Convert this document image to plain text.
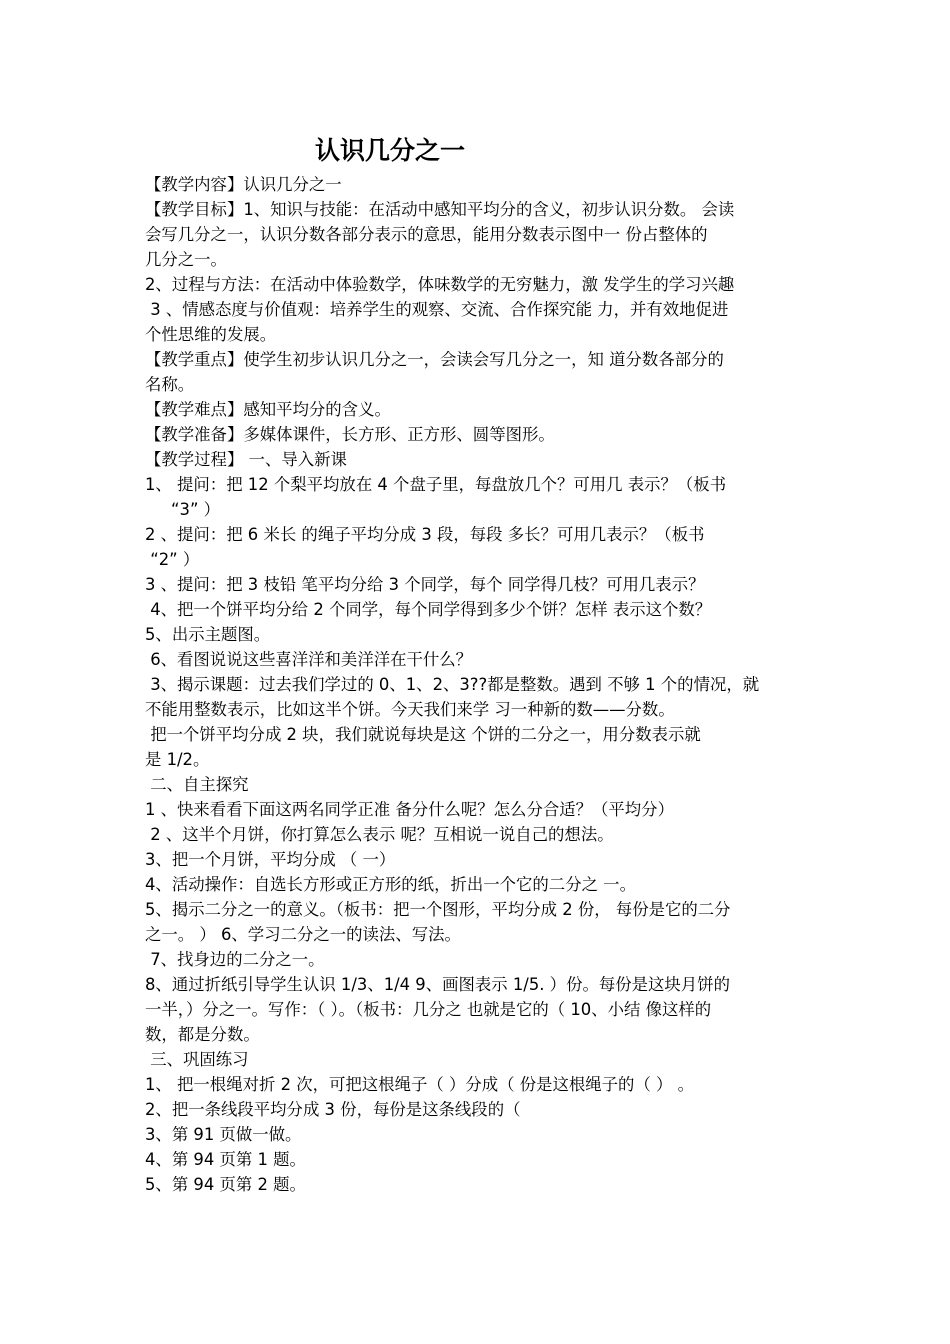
认识几分之一

【教学内容】认识几分之一

【教学目标】1、知识与技能：在活动中感知平均分的含义，初步认识分数。 会读

会写几分之一，认识分数各部分表示的意思，能用分数表示图中一 份占整体的

几分之一。

2、过程与方法：在活动中体验数学，体味数学的无穷魅力，激 发学生的学习兴趣

3 、情感态度与价值观：培养学生的观察、交流、合作探究能 力，并有效地促进

个性思维的发展。

【教学重点】使学生初步认识几分之一，会读会写几分之一，知 道分数各部分的

名称。

【教学难点】感知平均分的含义。

【教学准备】多媒体课件，长方形、正方形、圆等图形。

【教学过程】 一、导入新课

1、 提问：把 12 个梨平均放在 4 个盘子里，每盘放几个？可用几 表示？（板书

“3” ）

2 、提问：把 6 米长 的绳子平均分成 3 段，每段 多长？可用几表示？（板书

“2” ）

3 、提问：把 3 枝铅 笔平均分给 3 个同学，每个 同学得几枝？可用几表示？

4、把一个饼平均分给 2 个同学，每个同学得到多少个饼？怎样 表示这个数？

5、出示主题图。

6、看图说说这些喜洋洋和美洋洋在干什么？

3、揭示课题：过去我们学过的 0、1、2、3??都是整数。遇到 不够 1 个的情况，就

不能用整数表示，比如这半个饼。今天我们来学 习一种新的数——分数。

把一个饼平均分成 2 块，我们就说每块是这 个饼的二分之一，用分数表示就

是 1/2。

二、自主探究

1 、快来看看下面这两名同学正准 备分什么呢？怎么分合适？（平均分）

2 、这半个月饼，你打算怎么表示 呢？互相说一说自己的想法。

3、把一个月饼，平均分成 （ 一）

4、活动操作：自选长方形或正方形的纸，折出一个它的二分之 一。

5、揭示二分之一的意义。（板书：把一个图形，平均分成 2 份， 每份是它的二分

之一。 ） 6、学习二分之一的读法、写法。

7、找身边的二分之一。

8、通过折纸引导学生认识 1/3、1/4 9、画图表示 1/5. ）份。每份是这块月饼的

一半，）分之一。写作：（ ）。（板书：几分之 也就是它的（ 10、小结 像这样的

数，都是分数。

三、巩固练习

1、 把一根绳对折 2 次，可把这根绳子（ ）分成（ 份是这根绳子的（ ） 。

2、把一条线段平均分成 3 份，每份是这条线段的（

3、第 91 页做一做。

4、第 94 页第 1 题。

5、第 94 页第 2 题。
